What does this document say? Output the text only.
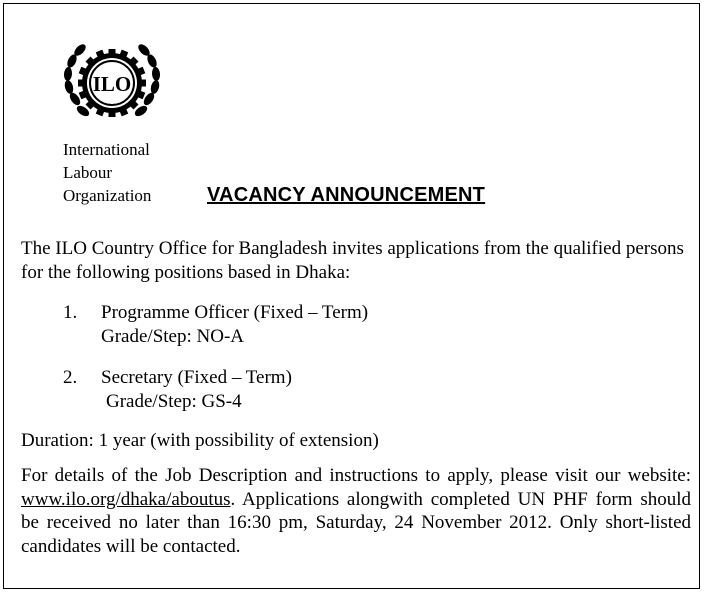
ILO
International
Labour
Organization	VACANCY ANNOUNCEMENT
The ILO Country Office for Bangladesh invites applications from the qualified persons for the following positions based in Dhaka:
1. Programme Officer (Fixed – Term)
Grade/Step: NO-A
2. Secretary (Fixed – Term)
Grade/Step: GS-4
Duration: 1 year (with possibility of extension)
For details of the Job Description and instructions to apply, please visit our website: www.ilo.org/dhaka/aboutus. Applications alongwith completed UN PHF form should be received no later than 16:30 pm, Saturday, 24 November 2012. Only short-listed candidates will be contacted.
